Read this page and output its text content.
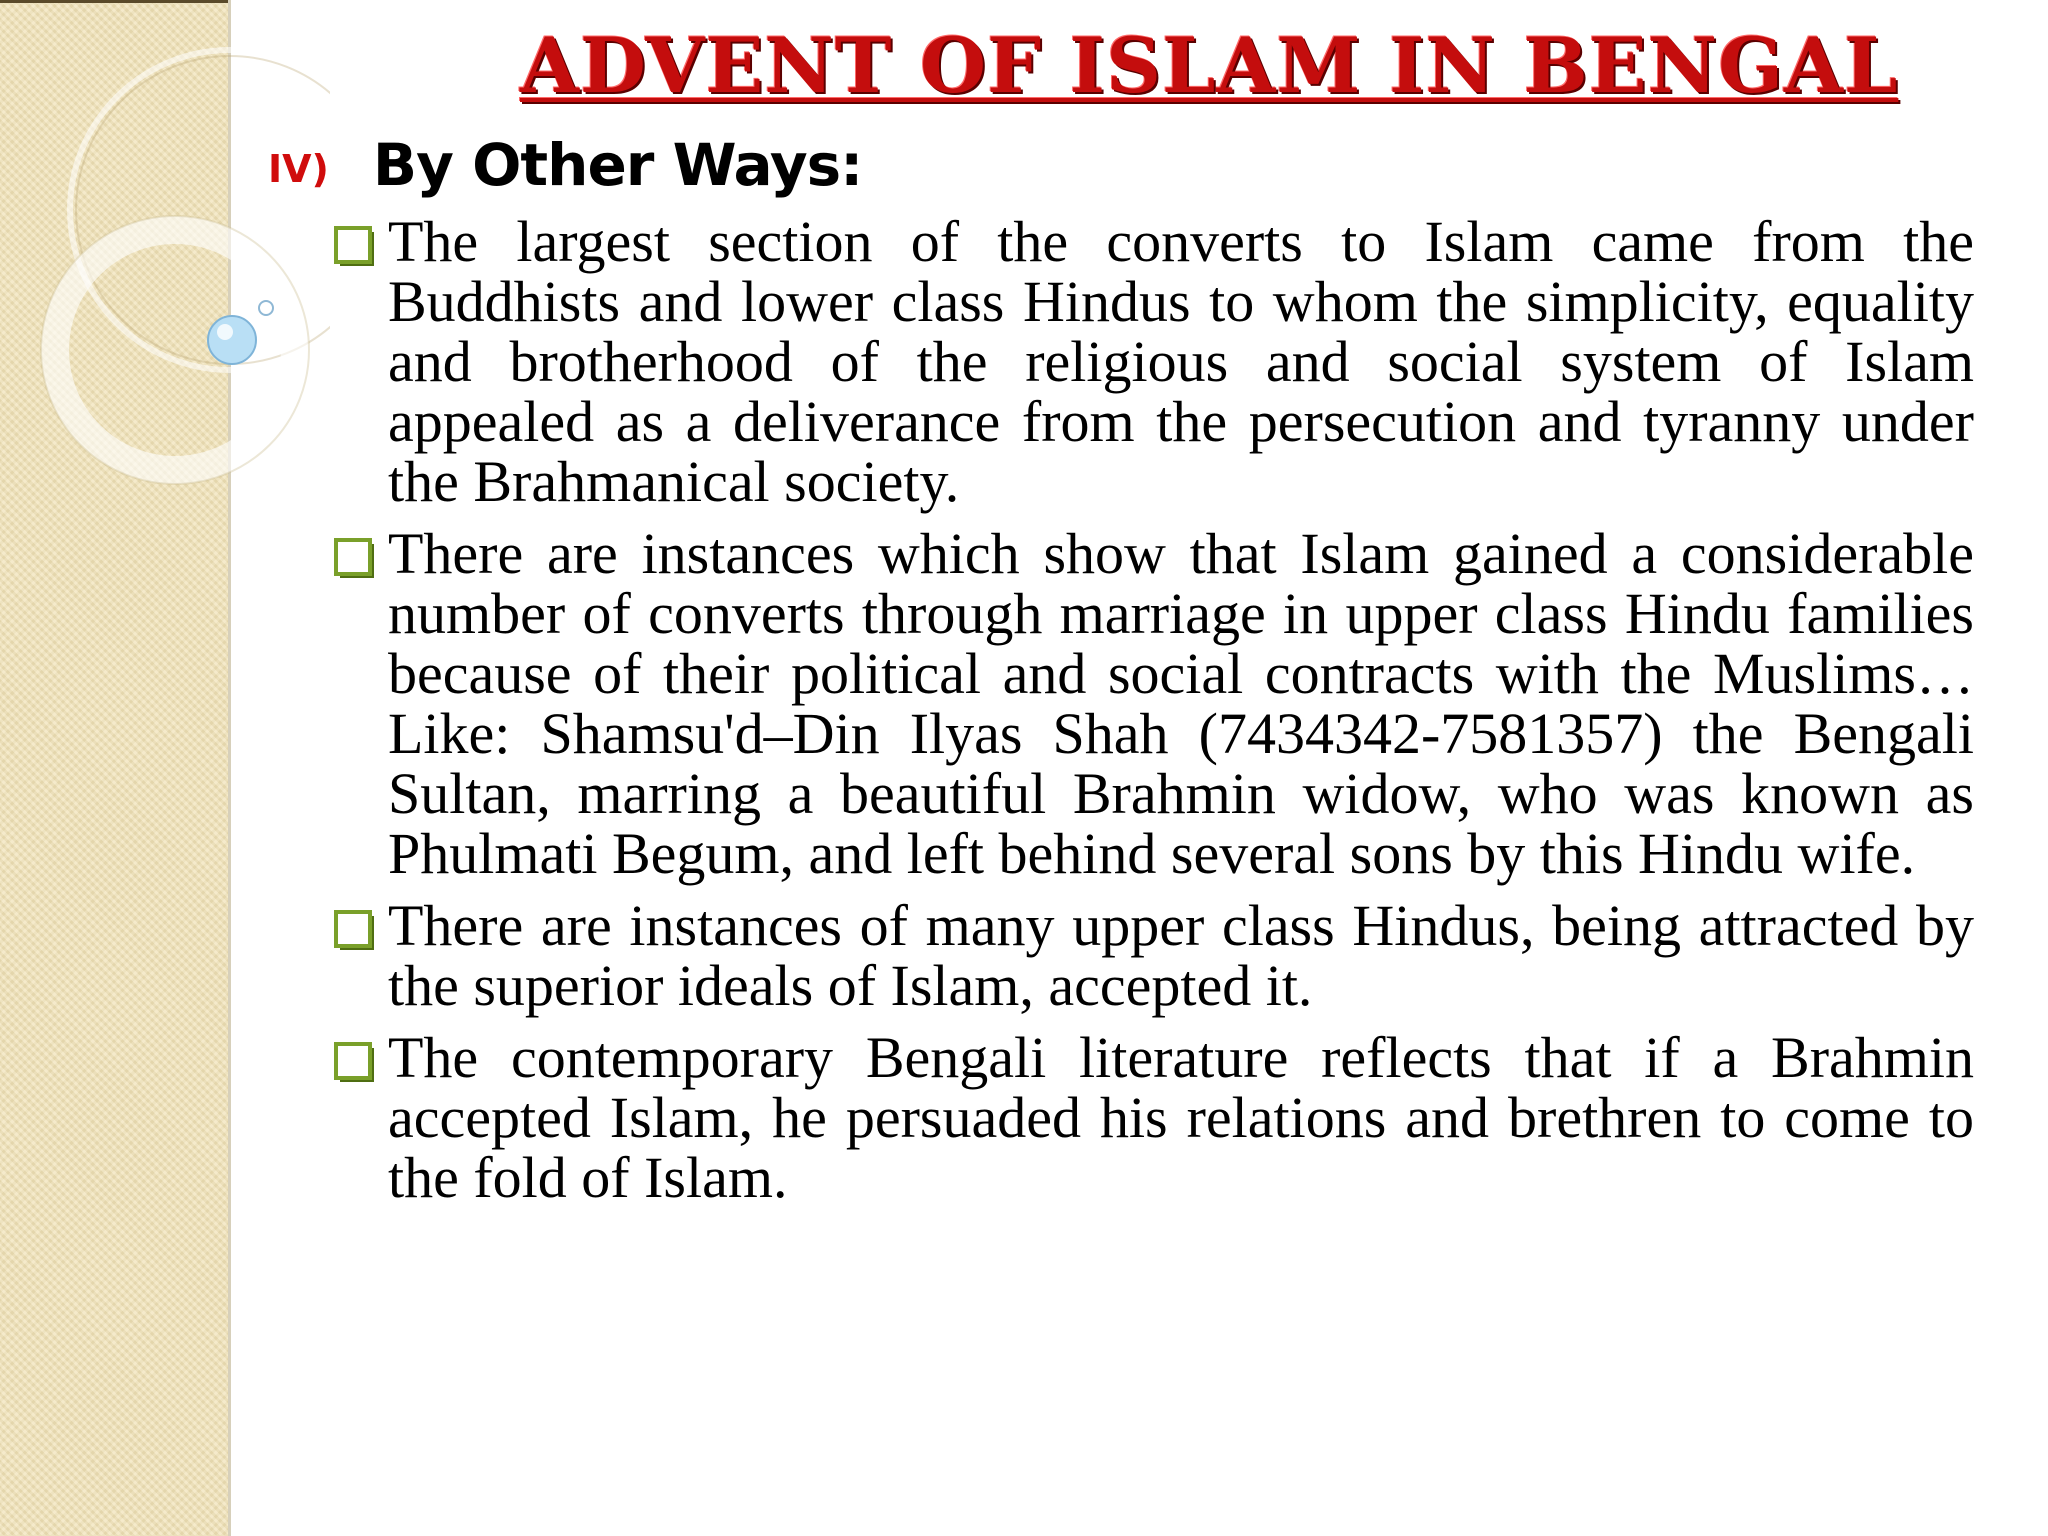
ADVENT OF ISLAM IN BENGAL
IV) By Other Ways:
The largest section of the converts to Islam came from the Buddhists and lower class Hindus to whom the simplicity, equality and brotherhood of the religious and social system of Islam appealed as a deliverance from the persecution and tyranny under the Brahmanical society.
There are instances which show that Islam gained a considerable number of converts through marriage in upper class Hindu families because of their political and social contracts with the Muslims…Like: Shamsu'd–Din Ilyas Shah (7434342-7581357) the Bengali Sultan, marring a beautiful Brahmin widow, who was known as Phulmati Begum, and left behind several sons by this Hindu wife.
There are instances of many upper class Hindus, being attracted by the superior ideals of Islam, accepted it.
The contemporary Bengali literature reflects that if a Brahmin accepted Islam, he persuaded his relations and brethren to come to the fold of Islam.
